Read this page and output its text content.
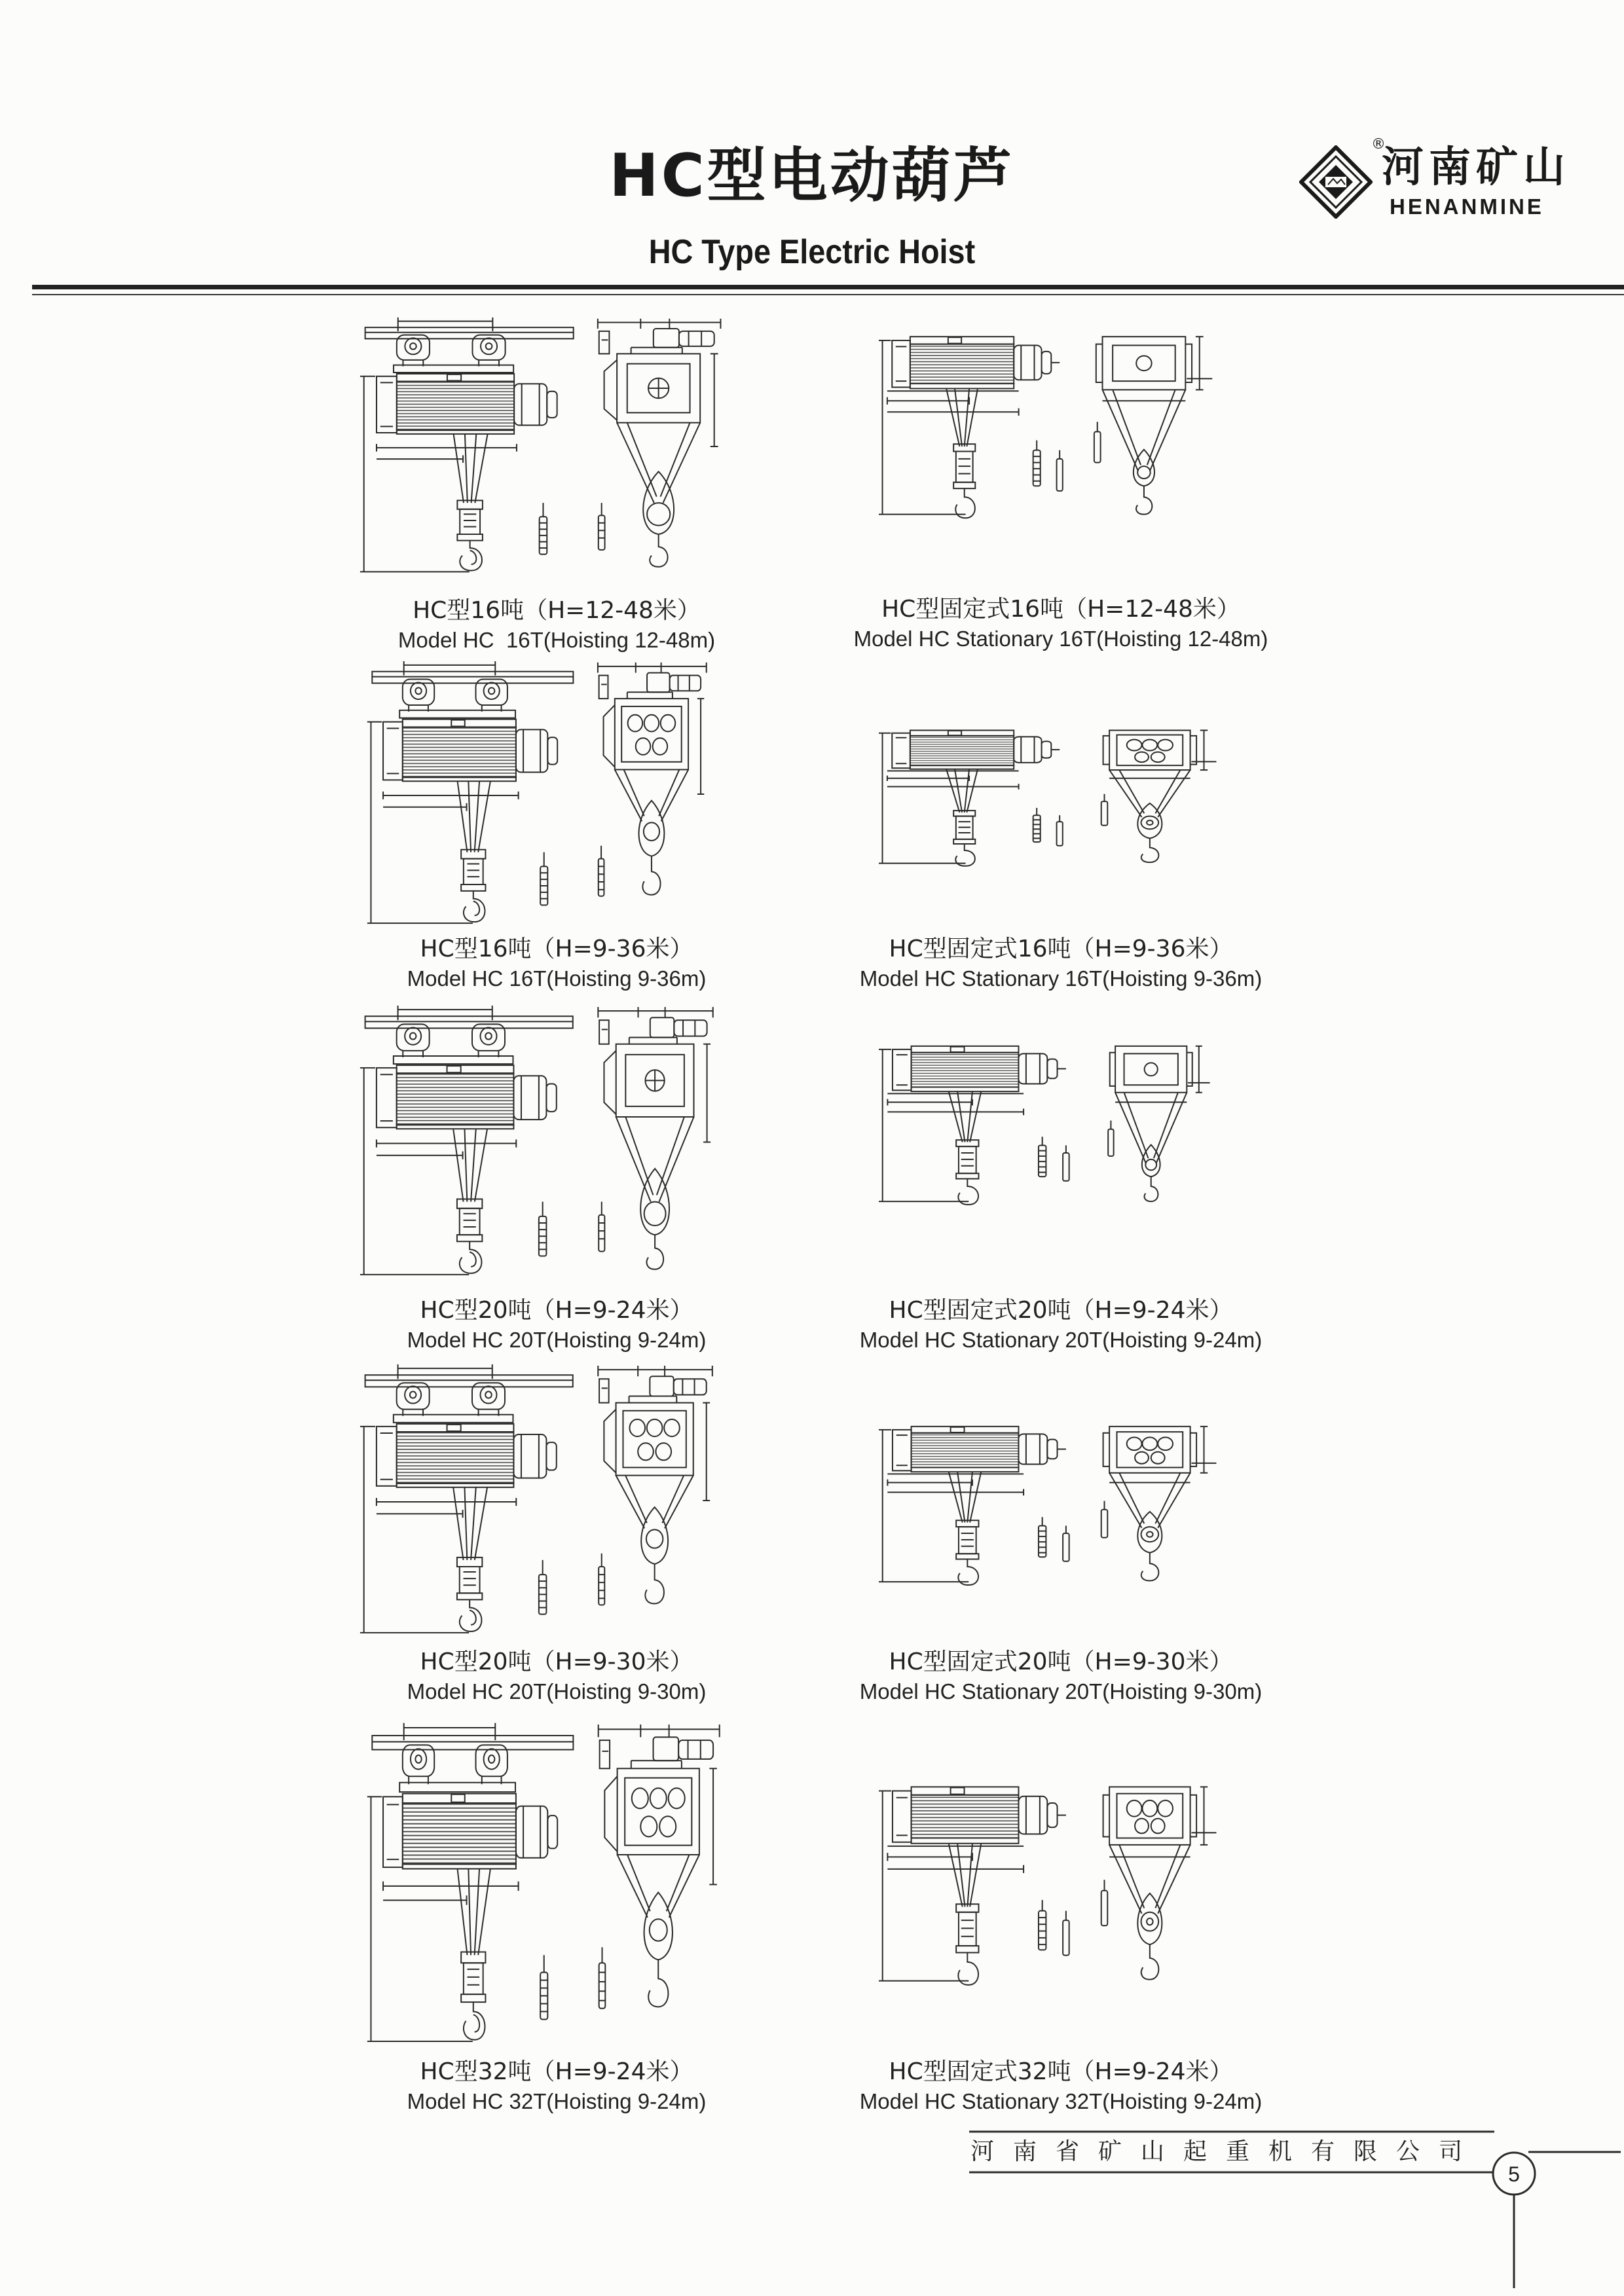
HC型电动葫芦
HC Type Electric Hoist
®
河南矿山
HENANMINE
HC型16吨（H=12-48米）
Model HC  16T(Hoisting 12-48m)
HC型固定式16吨（H=12-48米）
Model HC Stationary 16T(Hoisting 12-48m)
HC型16吨（H=9-36米）
Model HC 16T(Hoisting 9-36m)
HC型固定式16吨（H=9-36米）
Model HC Stationary 16T(Hoisting 9-36m)
HC型20吨（H=9-24米）
Model HC 20T(Hoisting 9-24m)
HC型固定式20吨（H=9-24米）
Model HC Stationary 20T(Hoisting 9-24m)
HC型20吨（H=9-30米）
Model HC 20T(Hoisting 9-30m)
HC型固定式20吨（H=9-30米）
Model HC Stationary 20T(Hoisting 9-30m)
HC型32吨（H=9-24米）
Model HC 32T(Hoisting 9-24m)
HC型固定式32吨（H=9-24米）
Model HC Stationary 32T(Hoisting 9-24m)
5
河南省矿山起重机有限公司
